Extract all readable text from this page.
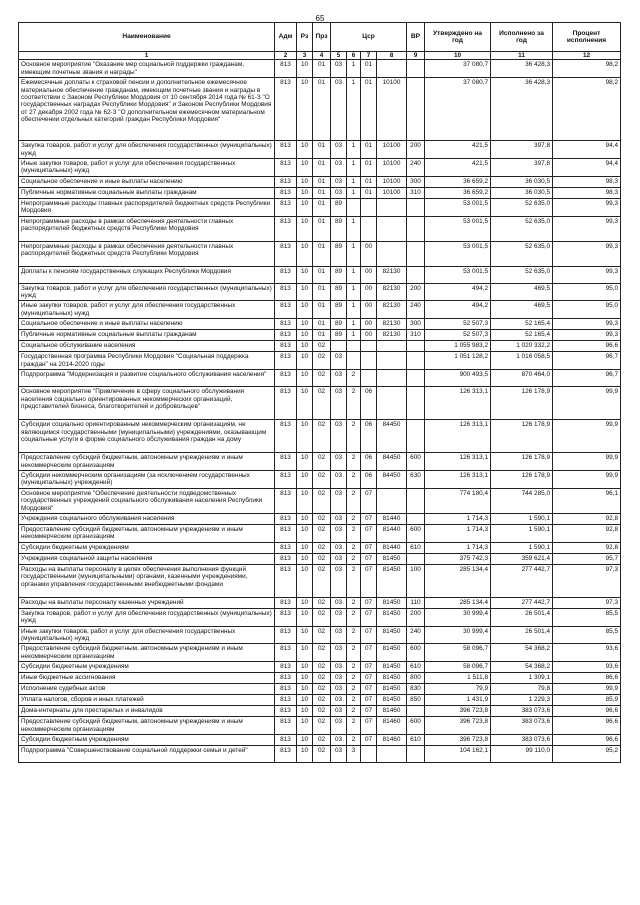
65
Наименование	Адм	Рз	Прз	Цср				ВР	Утверждено на год	Исполнено за год	Процент исполнения
1	2	3	4	5	6	7	8	9	10	11	12
Основное мероприятие "Оказание мер социальной поддержки гражданам, имеющим почетные звания и награды"	813	10	01	03	1	01			37 080,7	36 428,3	98,2
Ежемесячные доплаты к страховой пенсии и дополнительное ежемесячное материальное обеспечение гражданам, имеющим почетные звания и награды в соответствии с Законом Республики Мордовия от 10 сентября 2014 года № 61-З "О государственных наградах Республики Мордовия" и Законом Республики Мордовия от 27 декабря 2002 года № 62-З "О дополнительном ежемесячном материальном обеспечении отдельных категорий граждан Республики Мордовия"	813	10	01	03	1	01	10100		37 080,7	36 428,3	98,2
Закупка товаров, работ и услуг для обеспечения государственных (муниципальных) нужд	813	10	01	03	1	01	10100	200	421,5	397,8	94,4
Иные закупки товаров, работ и услуг для обеспечения государственных (муниципальных) нужд	813	10	01	03	1	01	10100	240	421,5	397,8	94,4
Социальное обеспечение и иные выплаты населению	813	10	01	03	1	01	10100	300	36 659,2	36 030,5	98,3
Публичные нормативные социальные выплаты гражданам	813	10	01	03	1	01	10100	310	36 659,2	36 030,5	98,3
Непрограммные расходы главных распорядителей бюджетных средств Республики Мордовия	813	10	01	89					53 001,5	52 635,0	99,3
Непрограммные расходы в рамках обеспечения деятельности главных распорядителей бюджетных средств Республики Мордовия	813	10	01	89	1				53 001,5	52 635,0	99,3
Непрограммные расходы в рамках обеспечения деятельности главных распорядителей бюджетных средств Республики Мордовия	813	10	01	89	1	00			53 001,5	52 635,0	99,3
Доплаты к пенсиям государственных служащих Республики Мордовия	813	10	01	89	1	00	82130		53 001,5	52 635,0	99,3
Закупка товаров, работ и услуг для обеспечения государственных (муниципальных) нужд	813	10	01	89	1	00	82130	200	494,2	469,5	95,0
Иные закупки товаров, работ и услуг для обеспечения государственных (муниципальных) нужд	813	10	01	89	1	00	82130	240	494,2	469,5	95,0
Социальное обеспечение и иные выплаты населению	813	10	01	89	1	00	82130	300	52 507,3	52 165,4	99,3
Публичные нормативные социальные выплаты гражданам	813	10	01	89	1	00	82130	310	52 507,3	52 165,4	99,3
Социальное обслуживание населения	813	10	02						1 055 983,2	1 020 332,2	96,6
Государственная программа Республики Мордовия "Социальная поддержка граждан" на 2014-2020 годы	813	10	02	03					1 051 128,2	1 016 058,5	96,7
Подпрограмма "Модернизация и развитие социального обслуживания населения"	813	10	02	03	2				900 493,5	870 464,0	96,7
Основное мероприятие "Привлечение в сферу социального обслуживания населения социально ориентированных некоммерческих организаций, представителей бизнеса, благотворителей и добровольцев"	813	10	02	03	2	06			126 313,1	126 178,9	99,9
Субсидии социально ориентированным некоммерческим организациям, не являющимся государственными (муниципальными) учреждениями, оказывающим социальные услуги в форме социального обслуживания граждан на дому	813	10	02	03	2	06	84450		126 313,1	126 178,9	99,9
Предоставление субсидий бюджетным, автономным учреждениям и иным некоммерческим организациям	813	10	02	03	2	06	84450	600	126 313,1	126 178,9	99,9
Субсидии некоммерческим организациям (за исключением государственных (муниципальных) учреждений)	813	10	02	03	2	06	84450	630	126 313,1	126 178,9	99,9
Основное мероприятие "Обеспечение деятельности подведомственных государственных учреждений социального обслуживания населения Республики Мордовия"	813	10	02	03	2	07			774 180,4	744 285,0	96,1
Учреждения социального обслуживания населения	813	10	02	03	2	07	81440		1 714,3	1 590,1	92,8
Предоставление субсидий бюджетным, автономным учреждениям и иным некоммерческим организациям	813	10	02	03	2	07	81440	600	1 714,3	1 590,1	92,8
Субсидии бюджетным учреждениям	813	10	02	03	2	07	81440	610	1 714,3	1 590,1	92,8
Учреждения социальной защиты населения	813	10	02	03	2	07	81450		375 742,3	359 621,4	95,7
Расходы на выплаты персоналу в целях обеспечения выполнения функций государственными (муниципальными) органами, казенными учреждениями, органами управления государственными внебюджетными фондами	813	10	02	03	2	07	81450	100	285 134,4	277 442,7	97,3
Расходы на выплаты персоналу казенных учреждений	813	10	02	03	2	07	81450	110	285 134,4	277 442,7	97,3
Закупка товаров, работ и услуг для обеспечения государственных (муниципальных) нужд	813	10	02	03	2	07	81450	200	30 999,4	26 501,4	85,5
Иные закупки товаров, работ и услуг для обеспечения государственных (муниципальных) нужд	813	10	02	03	2	07	81450	240	30 999,4	26 501,4	85,5
Предоставление субсидий бюджетным, автономным учреждениям и иным некоммерческим организациям	813	10	02	03	2	07	81450	600	58 096,7	54 368,2	93,6
Субсидии бюджетным учреждениям	813	10	02	03	2	07	81450	610	58 096,7	54 368,2	93,6
Иные бюджетные ассигнования	813	10	02	03	2	07	81450	800	1 511,8	1 309,1	86,6
Исполнение судебных актов	813	10	02	03	2	07	81450	830	79,9	79,8	99,9
Уплата налогов, сборов и иных платежей	813	10	02	03	2	07	81450	850	1 431,9	1 229,3	85,9
Дома-интернаты для престарелых и инвалидов	813	10	02	03	2	07	81460		396 723,8	383 073,6	96,6
Предоставление субсидий бюджетным, автономным учреждениям и иным некоммерческим организациям	813	10	02	03	2	07	81460	600	396 723,8	383 073,6	96,6
Субсидии бюджетным учреждениям	813	10	02	03	2	07	81460	610	396 723,8	383 073,6	96,6
Подпрограмма "Совершенствование социальной поддержки семьи и детей"	813	10	02	03	3				104 162,1	99 110,0	95,2
